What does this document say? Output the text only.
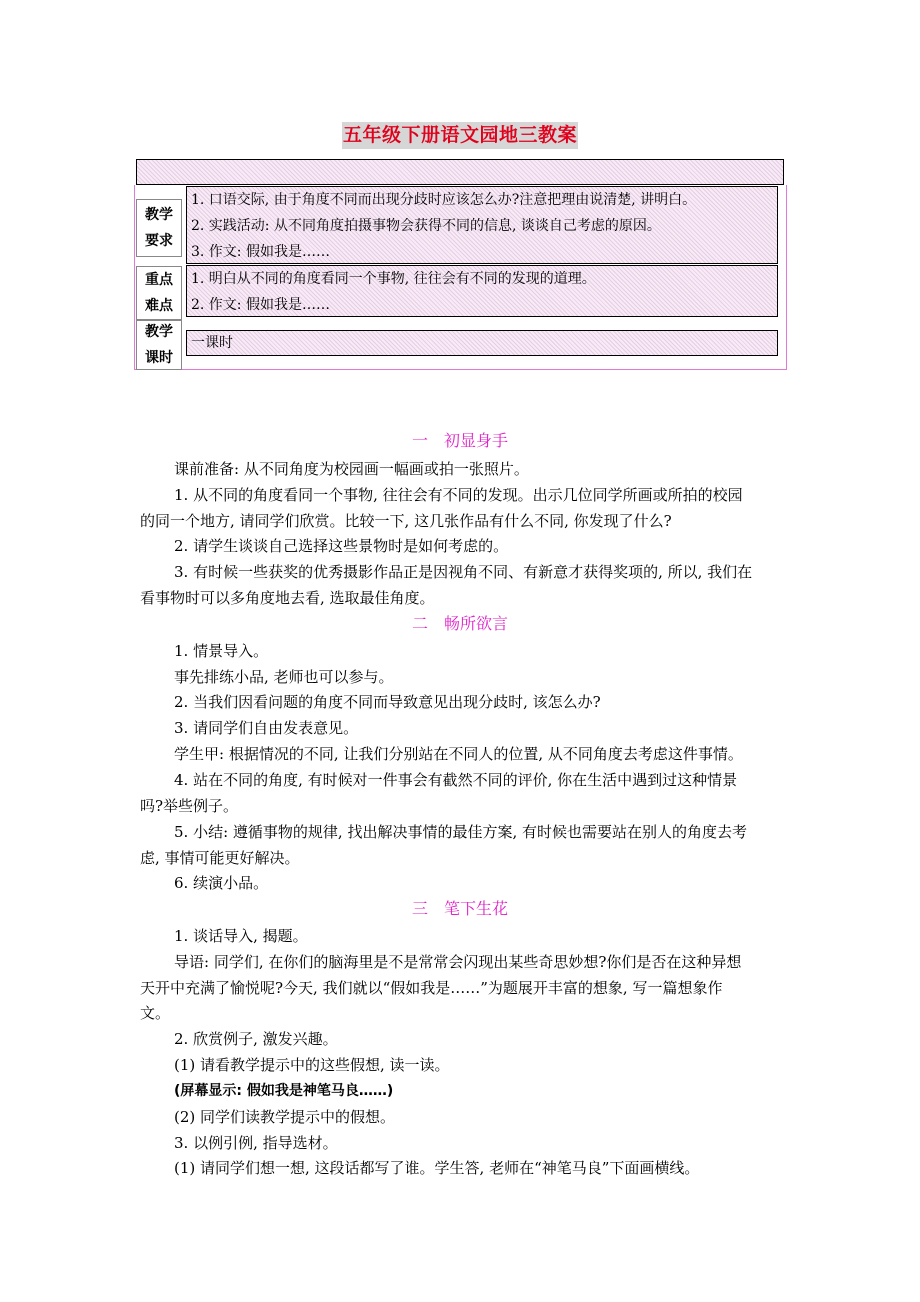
五年级下册语文园地三教案
教学
要求
1. 口语交际, 由于角度不同而出现分歧时应该怎么办?注意把理由说清楚, 讲明白。
2. 实践活动: 从不同角度拍摄事物会获得不同的信息, 谈谈自己考虑的原因。
3. 作文: 假如我是……
重点
难点
1. 明白从不同的角度看同一个事物, 往往会有不同的发现的道理。
2. 作文: 假如我是……
教学
课时
一课时
一　初显身手
课前准备: 从不同角度为校园画一幅画或拍一张照片。
1. 从不同的角度看同一个事物, 往往会有不同的发现。出示几位同学所画或所拍的校园
的同一个地方, 请同学们欣赏。比较一下, 这几张作品有什么不同, 你发现了什么?
2. 请学生谈谈自己选择这些景物时是如何考虑的。
3. 有时候一些获奖的优秀摄影作品正是因视角不同、有新意才获得奖项的, 所以, 我们在
看事物时可以多角度地去看, 选取最佳角度。
二　畅所欲言
1. 情景导入。
事先排练小品, 老师也可以参与。
2. 当我们因看问题的角度不同而导致意见出现分歧时, 该怎么办?
3. 请同学们自由发表意见。
学生甲: 根据情况的不同, 让我们分别站在不同人的位置, 从不同角度去考虑这件事情。
4. 站在不同的角度, 有时候对一件事会有截然不同的评价, 你在生活中遇到过这种情景
吗?举些例子。
5. 小结: 遵循事物的规律, 找出解决事情的最佳方案, 有时候也需要站在别人的角度去考
虑, 事情可能更好解决。
6. 续演小品。
三　笔下生花
1. 谈话导入, 揭题。
导语: 同学们, 在你们的脑海里是不是常常会闪现出某些奇思妙想?你们是否在这种异想
天开中充满了愉悦呢?今天, 我们就以“假如我是……”为题展开丰富的想象, 写一篇想象作
文。
2. 欣赏例子, 激发兴趣。
(1) 请看教学提示中的这些假想, 读一读。
(屏幕显示: 假如我是神笔马良……)
(2) 同学们读教学提示中的假想。
3. 以例引例, 指导选材。
(1) 请同学们想一想, 这段话都写了谁。学生答, 老师在“神笔马良”下面画横线。
